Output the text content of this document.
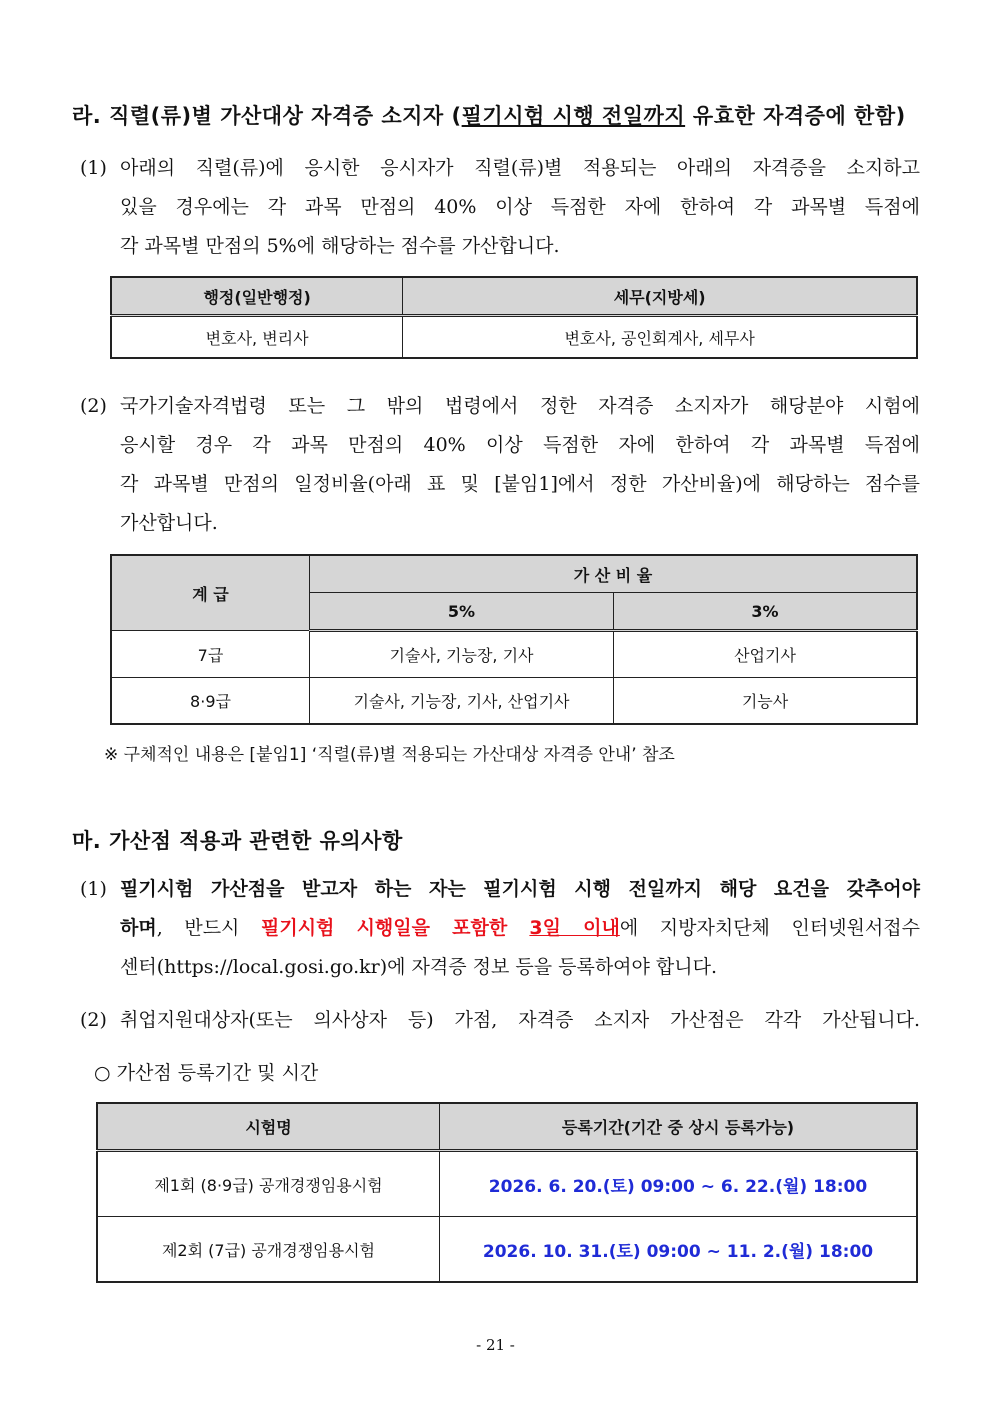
라. 직렬(류)별 가산대상 자격증 소지자 (필기시험 시행 전일까지 유효한 자격증에 한함)
(1) 아래의 직렬(류)에 응시한 응시자가 직렬(류)별 적용되는 아래의 자격증을 소지하고
있을 경우에는 각 과목 만점의 40% 이상 득점한 자에 한하여 각 과목별 득점에
각 과목별 만점의 5%에 해당하는 점수를 가산합니다.
행정(일반행정)	세무(지방세)
변호사, 변리사	변호사, 공인회계사, 세무사
(2) 국가기술자격법령 또는 그 밖의 법령에서 정한 자격증 소지자가 해당분야 시험에
응시할 경우 각 과목 만점의 40% 이상 득점한 자에 한하여 각 과목별 득점에
각 과목별 만점의 일정비율(아래 표 및 [붙임1]에서 정한 가산비율)에 해당하는 점수를
가산합니다.
계 급	가 산 비 율	
	5%	3%
7급	기술사, 기능장, 기사	산업기사
8·9급	기술사, 기능장, 기사, 산업기사	기능사
※ 구체적인 내용은 [붙임1] ‘직렬(류)별 적용되는 가산대상 자격증 안내’ 참조
마. 가산점 적용과 관련한 유의사항
(1) 필기시험 가산점을 받고자 하는 자는 필기시험 시행 전일까지 해당 요건을 갖추어야
하며, 반드시 필기시험 시행일을 포함한 3일 이내에 지방자치단체 인터넷원서접수
센터(https://local.gosi.go.kr)에 자격증 정보 등을 등록하여야 합니다.
(2) 취업지원대상자(또는 의사상자 등) 가점, 자격증 소지자 가산점은 각각 가산됩니다.
○ 가산점 등록기간 및 시간
시험명	등록기간(기간 중 상시 등록가능)
제1회 (8·9급) 공개경쟁임용시험	2026. 6. 20.(토) 09:00 ~ 6. 22.(월) 18:00
제2회 (7급) 공개경쟁임용시험	2026. 10. 31.(토) 09:00 ~ 11. 2.(월) 18:00
- 21 -
